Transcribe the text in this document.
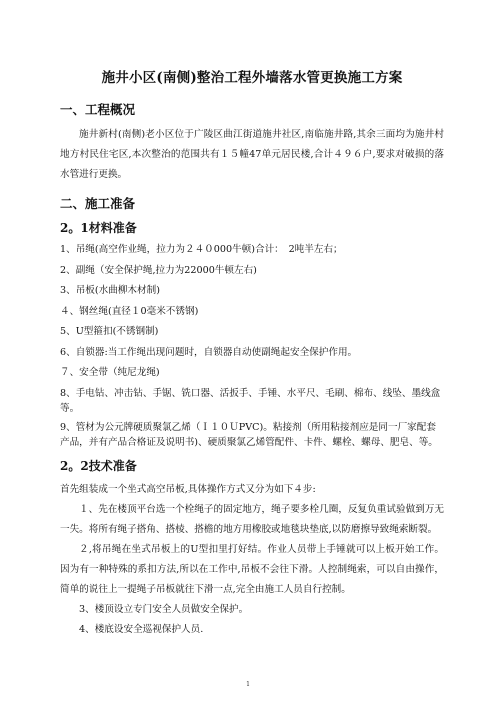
施井小区(南侧)整治工程外墙落水管更换施工方案
一、工程概况

施井新村(南侧)老小区位于广陵区曲江街道施井社区,南临施井路,其余三面均为施井村地方村民住宅区,本次整治的范围共有１５幢47单元居民楼,合计４９６户,要求对破损的落水管进行更换。

二、施工准备
2。1材料准备
1、吊绳(高空作业绳，拉力为２４０000牛顿)合计：　2吨半左右；
2、副绳（安全保护绳,拉力为22000牛顿左右)
3、吊板(水曲柳木材制)
４、钢丝绳(直径１0毫米不锈钢)
5、U型箍扣(不锈钢制)
6、自锁器:当工作绳出现问题时，自锁器自动使副绳起安全保护作用。
７、安全带（纯尼龙绳)
8、手电钻、冲击钻、手锯、铣口器、活扳手、手锤、水平尺、毛刷、棉布、线坠、墨线盒等。
9、管材为公元牌硬质聚氯乙烯（Ｉ１０ＵPVC)。粘接剂（所用粘接剂应是同一厂家配套产品，并有产品合格证及说明书)、硬质聚氯乙烯管配件、卡件、螺栓、螺母、肥皂、等。
2。2技术准备

首先组装成一个坐式高空吊板,具体操作方式又分为如下４步:

１、先在楼顶平台选一个栓绳子的固定地方，绳子要多栓几圈，反复负重试验做到万无一失。将所有绳子搭角、搭棱、搭檐的地方用橡胶或地毯块垫底,以防磨擦导致绳索断裂。

２,将吊绳在坐式吊板上的U型扣里打好结。作业人员带上手锤就可以上板开始工作。因为有一种特殊的系扣方法,所以在工作中,吊板不会往下滑。人控制绳索，可以自由操作，简单的说往上一提绳子吊板就往下滑一点,完全由施工人员自行控制。

3、楼顶设立专门安全人员做安全保护。

4、楼底设安全巡视保护人员.

1
